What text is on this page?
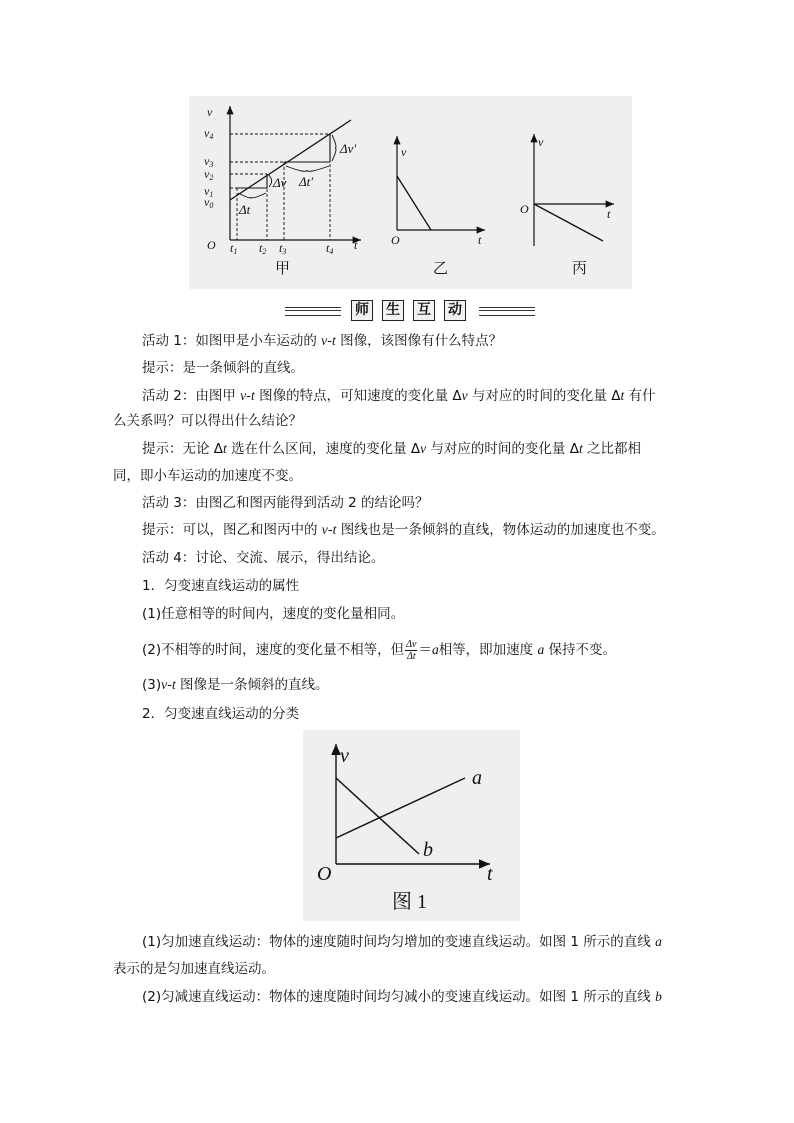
v
t
O
v4
v3
v2
v1
v0
t1 t2 t3	t4
Δt
Δv Δt′
Δv′
甲
v
t
O
乙
v
t
O
丙
师 生 互 动
活动 1：如图甲是小车运动的 v-t 图像，该图像有什么特点？
提示：是一条倾斜的直线。
活动 2：由图甲 v-t 图像的特点，可知速度的变化量 Δv 与对应的时间的变化量 Δt 有什
么关系吗？可以得出什么结论？
提示：无论 Δt 选在什么区间，速度的变化量 Δv 与对应的时间的变化量 Δt 之比都相
同，即小车运动的加速度不变。
活动 3：由图乙和图丙能得到活动 2 的结论吗？
提示：可以，图乙和图丙中的 v-t 图线也是一条倾斜的直线，物体运动的加速度也不变。
活动 4：讨论、交流、展示，得出结论。
1．匀变速直线运动的属性
(1)任意相等的时间内，速度的变化量相同。
(2)不相等的时间，速度的变化量不相等，但 $\frac{\Delta v}{\Delta t} =a$相等，即加速度 a 保持不变。
(3)v-t 图像是一条倾斜的直线。
2．匀变速直线运动的分类
v
t
O
a
b
图 1
(1)匀加速直线运动：物体的速度随时间均匀增加的变速直线运动。如图 1 所示的直线 a
表示的是匀加速直线运动。
(2)匀减速直线运动：物体的速度随时间均匀减小的变速直线运动。如图 1 所示的直线 b
